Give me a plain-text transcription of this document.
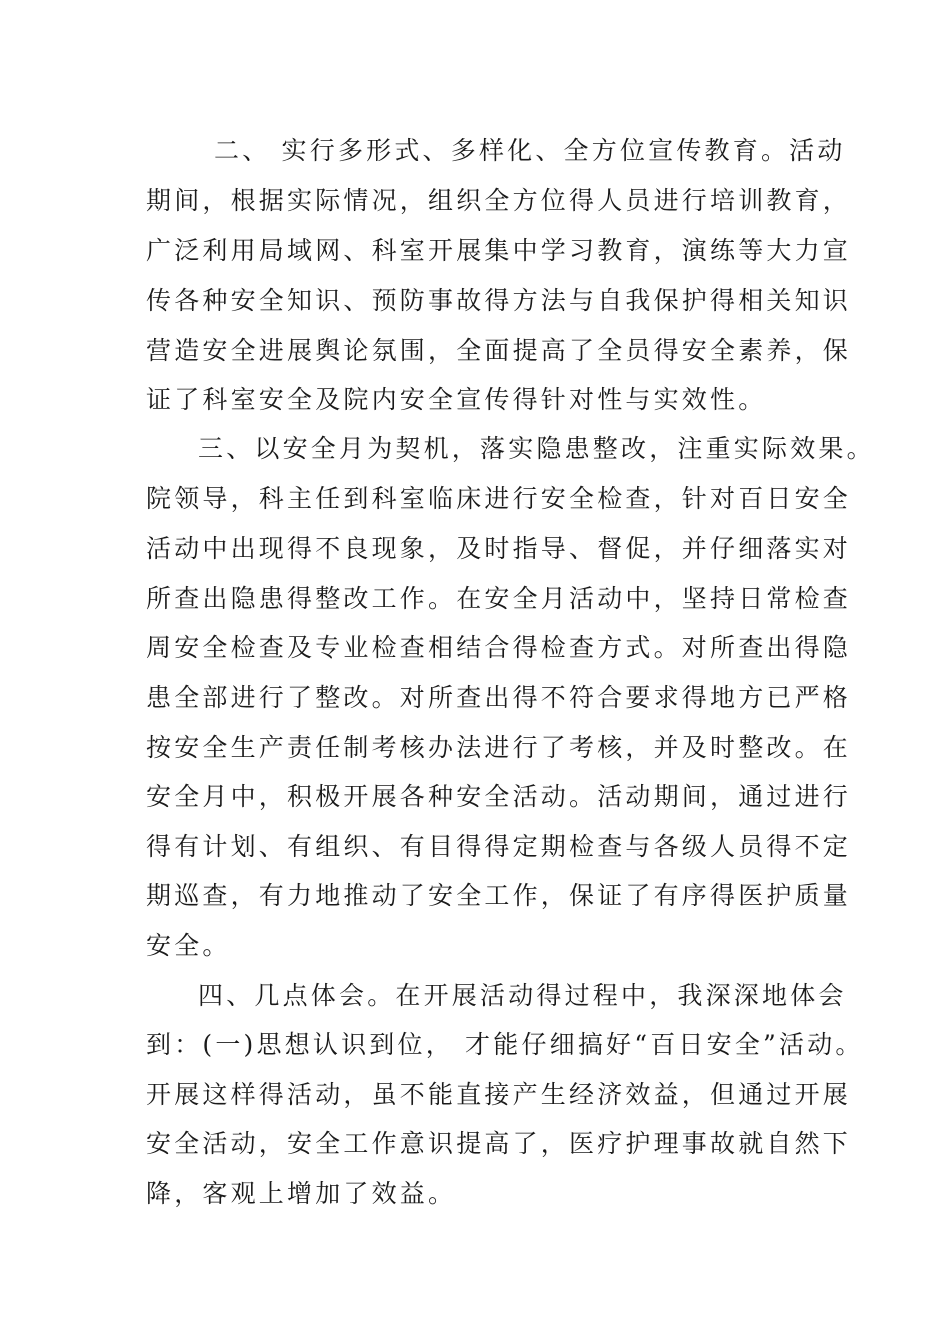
二、 实行多形式、多样化、全方位宣传教育。活动
期间，根据实际情况，组织全方位得人员进行培训教育，
广泛利用局域网、科室开展集中学习教育，演练等大力宣
传各种安全知识、预防事故得方法与自我保护得相关知识
营造安全进展舆论氛围，全面提高了全员得安全素养，保
证了科室安全及院内安全宣传得针对性与实效性。
三、以安全月为契机，落实隐患整改，注重实际效果。
院领导，科主任到科室临床进行安全检查，针对百日安全
活动中出现得不良现象，及时指导、督促，并仔细落实对
所查出隐患得整改工作。在安全月活动中，坚持日常检查
周安全检查及专业检查相结合得检查方式。对所查出得隐
患全部进行了整改。对所查出得不符合要求得地方已严格
按安全生产责任制考核办法进行了考核，并及时整改。在
安全月中，积极开展各种安全活动。活动期间，通过进行
得有计划、有组织、有目得得定期检查与各级人员得不定
期巡查，有力地推动了安全工作，保证了有序得医护质量
安全。
四、几点体会。在开展活动得过程中，我深深地体会
到：(一)思想认识到位， 才能仔细搞好“百日安全”活动。
开展这样得活动，虽不能直接产生经济效益，但通过开展
安全活动，安全工作意识提高了，医疗护理事故就自然下
降，客观上增加了效益。
